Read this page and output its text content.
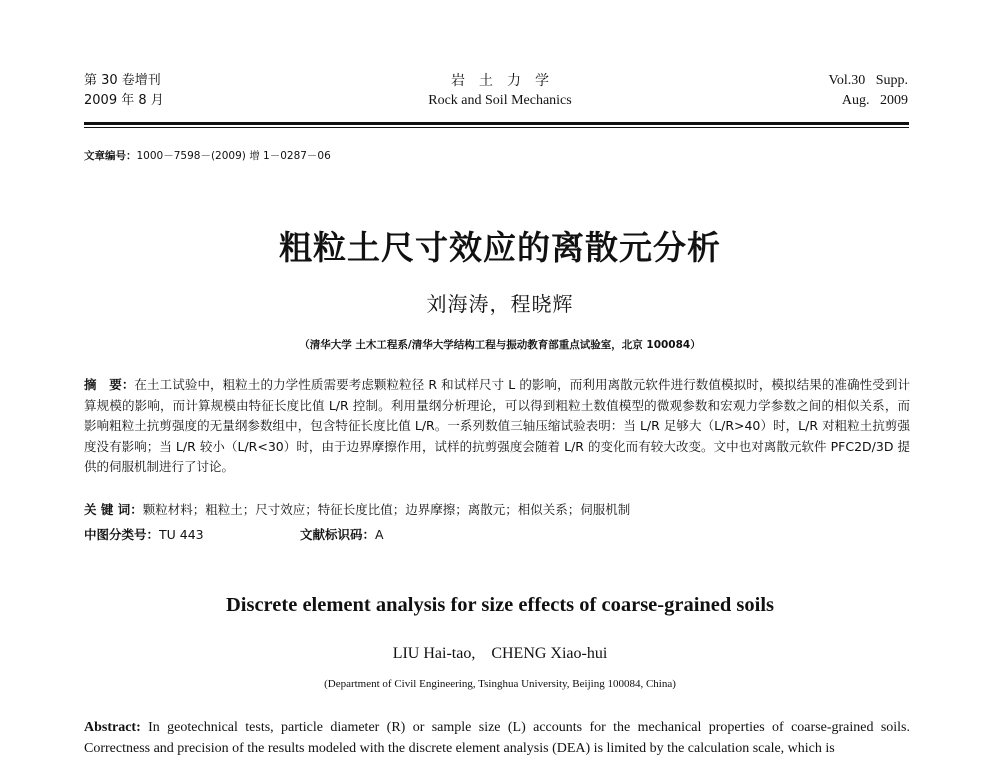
第 30 卷增刊
2009 年 8 月
岩　土　力　学
Rock and Soil Mechanics
Vol.30   Supp.
Aug.   2009
文章编号：1000－7598－(2009) 增 1－0287－06
粗粒土尺寸效应的离散元分析
刘海涛，程晓辉
（清华大学 土木工程系/清华大学结构工程与振动教育部重点试验室，北京 100084）
摘　要：在土工试验中，粗粒土的力学性质需要考虑颗粒粒径 R 和试样尺寸 L 的影响，而利用离散元软件进行数值模拟时，模拟结果的准确性受到计算规模的影响，而计算规模由特征长度比值 L/R 控制。利用量纲分析理论，可以得到粗粒土数值模型的微观参数和宏观力学参数之间的相似关系，而影响粗粒土抗剪强度的无量纲参数组中，包含特征长度比值 L/R。一系列数值三轴压缩试验表明：当 L/R 足够大（L/R>40）时，L/R 对粗粒土抗剪强度没有影响；当 L/R 较小（L/R<30）时，由于边界摩擦作用，试样的抗剪强度会随着 L/R 的变化而有较大改变。文中也对离散元软件 PFC2D/3D 提供的伺服机制进行了讨论。
关 键 词：颗粒材料；粗粒土；尺寸效应；特征长度比值；边界摩擦；离散元；相似关系；伺服机制
中图分类号：TU 443	文献标识码：A
Discrete element analysis for size effects of coarse-grained soils
LIU Hai-tao,    CHENG Xiao-hui
(Department of Civil Engineering, Tsinghua University, Beijing 100084, China)
Abstract: In geotechnical tests, particle diameter (R) or sample size (L) accounts for the mechanical properties of coarse-grained soils. Correctness and precision of the results modeled with the discrete element analysis (DEA) is limited by the calculation scale, which is
